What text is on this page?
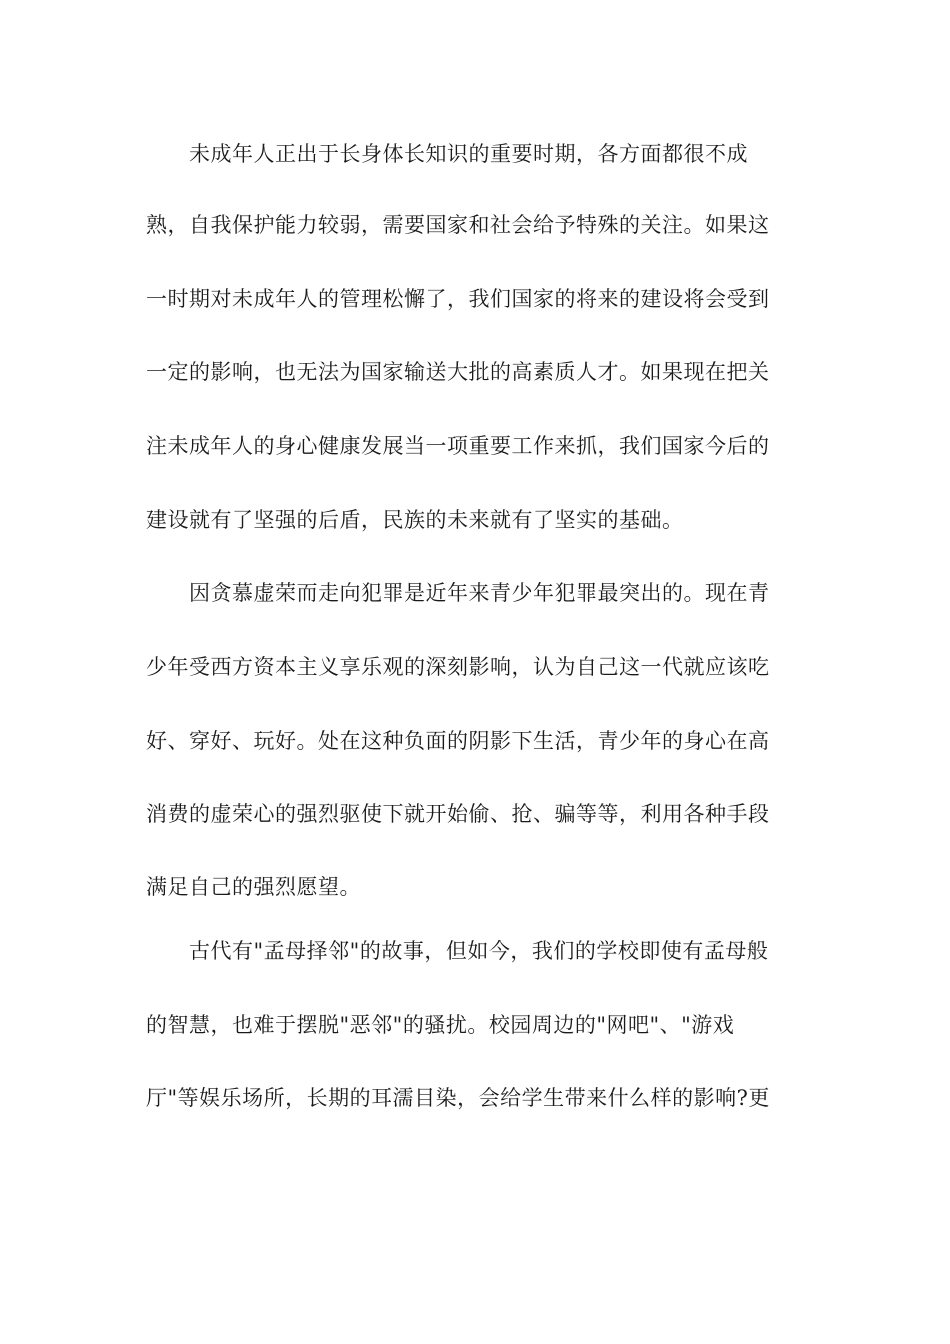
未成年人正出于长身体长知识的重要时期，各方面都很不成

熟，自我保护能力较弱，需要国家和社会给予特殊的关注。如果这

一时期对未成年人的管理松懈了，我们国家的将来的建设将会受到

一定的影响，也无法为国家输送大批的高素质人才。如果现在把关

注未成年人的身心健康发展当一项重要工作来抓，我们国家今后的

建设就有了坚强的后盾，民族的未来就有了坚实的基础。

因贪慕虚荣而走向犯罪是近年来青少年犯罪最突出的。现在青

少年受西方资本主义享乐观的深刻影响，认为自己这一代就应该吃

好、穿好、玩好。处在这种负面的阴影下生活，青少年的身心在高

消费的虚荣心的强烈驱使下就开始偷、抢、骗等等，利用各种手段

满足自己的强烈愿望。

古代有"孟母择邻"的故事，但如今，我们的学校即使有孟母般

的智慧，也难于摆脱"恶邻"的骚扰。校园周边的"网吧"、"游戏

厅"等娱乐场所，长期的耳濡目染，会给学生带来什么样的影响?更
